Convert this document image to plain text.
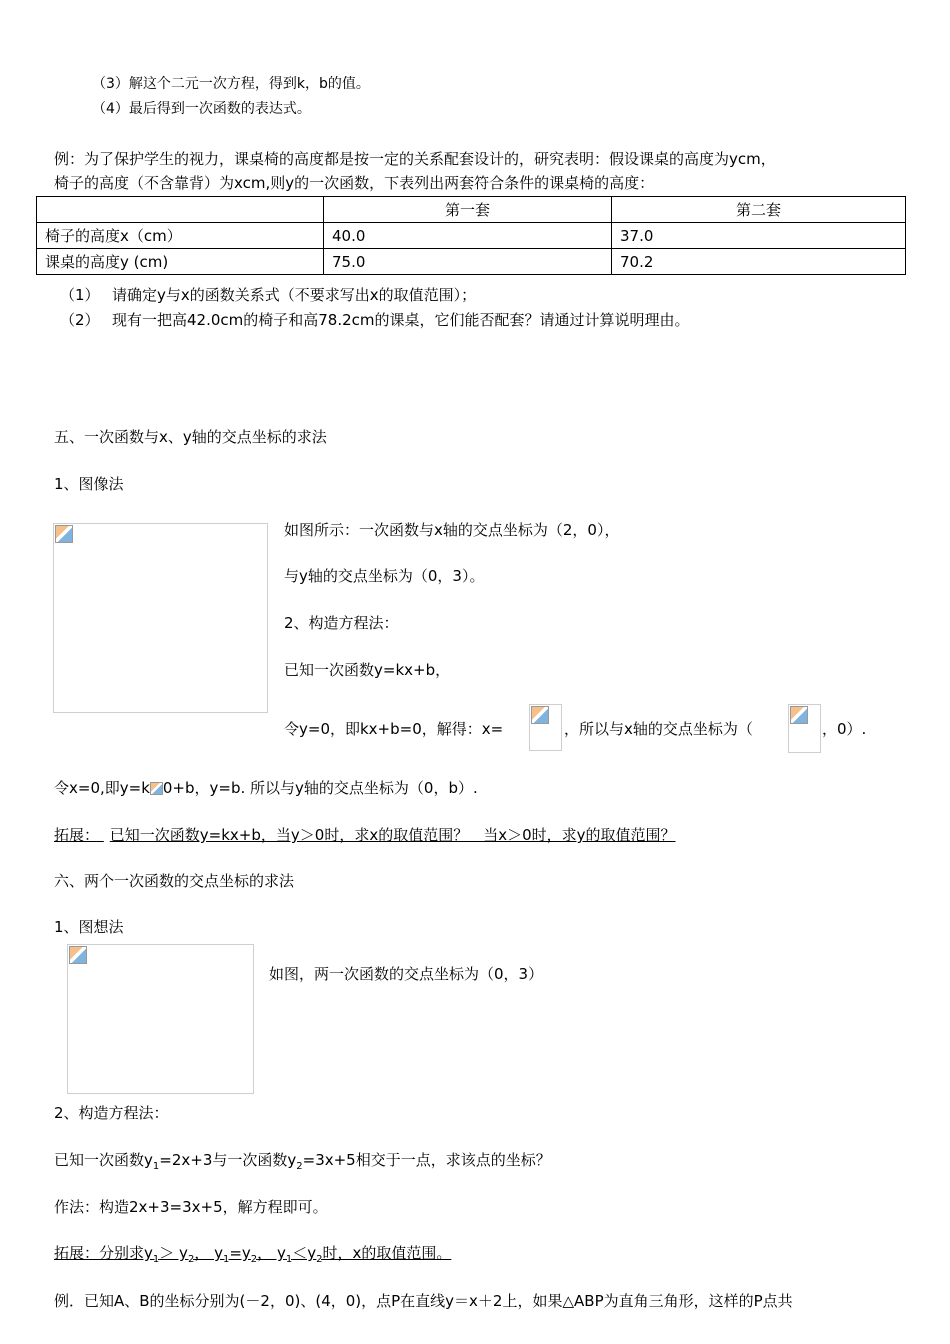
（3）解这个二元一次方程，得到k，b的值。
（4）最后得到一次函数的表达式。
例：为了保护学生的视力，课桌椅的高度都是按一定的关系配套设计的，研究表明：假设课桌的高度为ycm，
椅子的高度（不含靠背）为xcm,则y的一次函数，下表列出两套符合条件的课桌椅的高度：
	第一套	第二套
椅子的高度x（cm）	40.0	37.0
课桌的高度y (cm)	75.0	70.2
（1） 请确定y与x的函数关系式（不要求写出x的取值范围）；
（2） 现有一把高42.0cm的椅子和高78.2cm的课桌，它们能否配套？请通过计算说明理由。
五、一次函数与x、y轴的交点坐标的求法
1、图像法
如图所示：一次函数与x轴的交点坐标为（2，0），
与y轴的交点坐标为（0，3）。
2、构造方程法：
已知一次函数y=kx+b，
令y=0，即kx+b=0，解得：x=	，所以与x轴的交点坐标为（	，0）.
令x=0,即y=k 0+b，y=b. 所以与y轴的交点坐标为（0，b）.
拓展： 已知一次函数y=kx+b，当y＞0时，求x的取值范围？　当x＞0时，求y的取值范围？
六、两个一次函数的交点坐标的求法
1、图想法
如图，两一次函数的交点坐标为（0，3）
2、构造方程法：
已知一次函数$y_1=2x+3$与一次函数$y_2=3x+5$相交于一点，求该点的坐标？
作法：构造2x+3=3x+5，解方程即可。
拓展：分别求$y_1> y_2$， $y_1=y_2$， $y_1<y_2$时，x的取值范围。
例．已知A、B的坐标分别为(－2，0)、(4，0)，点P在直线y＝x＋2上，如果△ABP为直角三角形，这样的P点共
